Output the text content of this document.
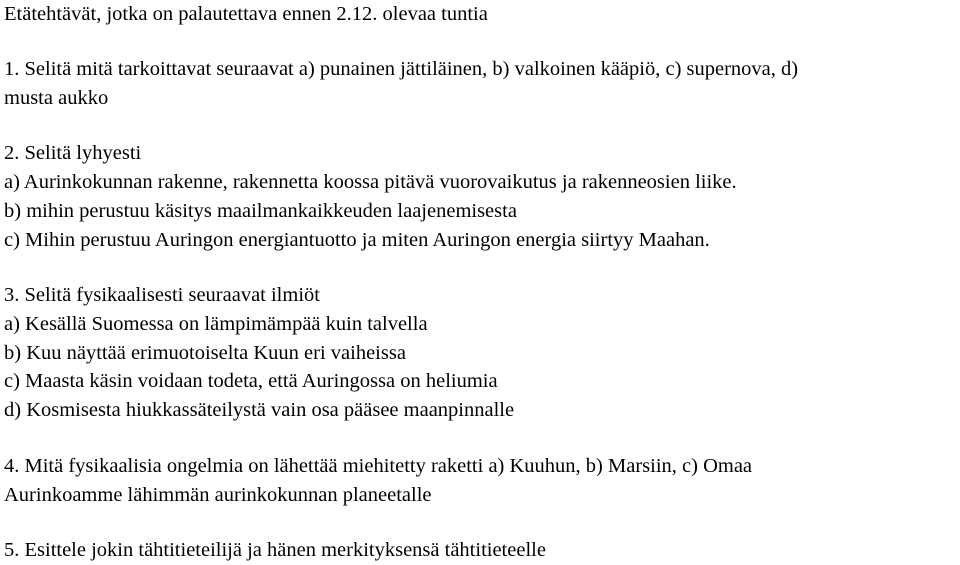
Etätehtävät, jotka on palautettava ennen 2.12. olevaa tuntia
1. Selitä mitä tarkoittavat seuraavat a) punainen jättiläinen, b) valkoinen kääpiö, c) supernova, d)
musta aukko
2. Selitä lyhyesti
a) Aurinkokunnan rakenne, rakennetta koossa pitävä vuorovaikutus ja rakenneosien liike.
b) mihin perustuu käsitys maailmankaikkeuden laajenemisesta
c) Mihin perustuu Auringon energiantuotto ja miten Auringon energia siirtyy Maahan.
3. Selitä fysikaalisesti seuraavat ilmiöt
a) Kesällä Suomessa on lämpimämpää kuin talvella
b) Kuu näyttää erimuotoiselta Kuun eri vaiheissa
c) Maasta käsin voidaan todeta, että Auringossa on heliumia
d) Kosmisesta hiukkassäteilystä vain osa pääsee maanpinnalle
4. Mitä fysikaalisia ongelmia on lähettää miehitetty raketti a) Kuuhun, b) Marsiin, c) Omaa
Aurinkoamme lähimmän aurinkokunnan planeetalle
5. Esittele jokin tähtitieteilijä ja hänen merkityksensä tähtitieteelle
